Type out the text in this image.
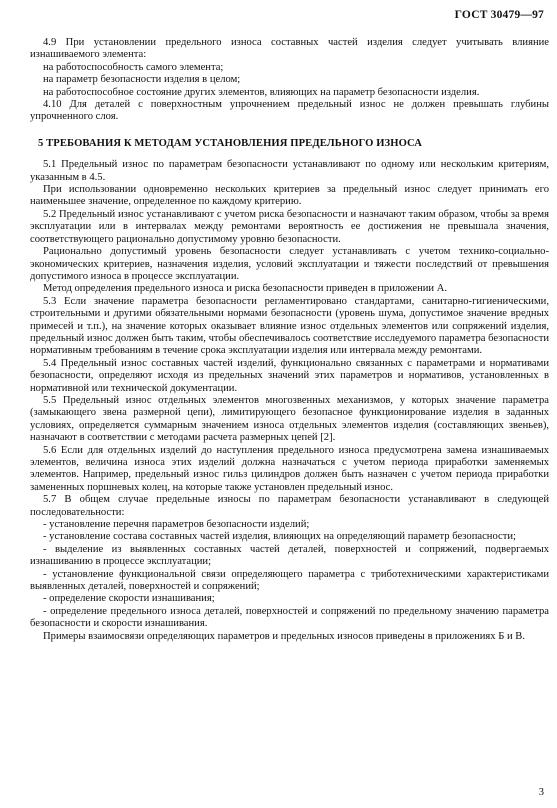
ГОСТ 30479—97

4.9 При установлении предельного износа составных частей изделия следует учитывать влияние изнашиваемого элемента:

на работоспособность самого элемента;

на параметр безопасности изделия в целом;

на работоспособное состояние других элементов, влияющих на параметр безопасности изделия.

4.10 Для деталей с поверхностным упрочнением предельный износ не должен превышать глубины упрочненного слоя.

5 ТРЕБОВАНИЯ К МЕТОДАМ УСТАНОВЛЕНИЯ ПРЕДЕЛЬНОГО ИЗНОСА

5.1 Предельный износ по параметрам безопасности устанавливают по одному или нескольким критериям, указанным в 4.5.

При использовании одновременно нескольких критериев за предельный износ следует принимать его наименьшее значение, определенное по каждому критерию.

5.2 Предельный износ устанавливают с учетом риска безопасности и назначают таким образом, чтобы за время эксплуатации или в интервалах между ремонтами вероятность ее достижения не превышала значения, соответствующего рационально допустимому уровню безопасности.

Рационально допустимый уровень безопасности следует устанавливать с учетом технико-социально-экономических критериев, назначения изделия, условий эксплуатации и тяжести последствий от превышения допустимого износа в процессе эксплуатации.

Метод определения предельного износа и риска безопасности приведен в приложении А.

5.3 Если значение параметра безопасности регламентировано стандартами, санитарно-гигиеническими, строительными и другими обязательными нормами безопасности (уровень шума, допустимое значение вредных примесей и т.п.), на значение которых оказывает влияние износ отдельных элементов или сопряжений изделия, предельный износ должен быть таким, чтобы обеспечивалось соответствие исследуемого параметра безопасности нормативным требованиям в течение срока эксплуатации изделия или интервала между ремонтами.

5.4 Предельный износ составных частей изделий, функционально связанных с параметрами и нормативами безопасности, определяют исходя из предельных значений этих параметров и нормативов, установленных в нормативной или технической документации.

5.5 Предельный износ отдельных элементов многозвенных механизмов, у которых значение параметра (замыкающего звена размерной цепи), лимитирующего безопасное функционирование изделия в заданных условиях, определяется суммарным значением износа отдельных элементов изделия (составляющих звеньев), назначают в соответствии с методами расчета размерных цепей [2].

5.6 Если для отдельных изделий до наступления предельного износа предусмотрена замена изнашиваемых элементов, величина износа этих изделий должна назначаться с учетом периода приработки заменяемых элементов. Например, предельный износ гильз цилиндров должен быть назначен с учетом периода приработки замененных поршневых колец, на которые также установлен предельный износ.

5.7 В общем случае предельные износы по параметрам безопасности устанавливают в следующей последовательности:

- установление перечня параметров безопасности изделий;

- установление состава составных частей изделия, влияющих на определяющий параметр безопасности;

- выделение из выявленных составных частей деталей, поверхностей и сопряжений, подвергаемых изнашиванию в процессе эксплуатации;

- установление функциональной связи определяющего параметра с триботехническими характеристиками выявленных деталей, поверхностей и сопряжений;

- определение скорости изнашивания;

- определение предельного износа деталей, поверхностей и сопряжений по предельному значению параметра безопасности и скорости изнашивания.

Примеры взаимосвязи определяющих параметров и предельных износов приведены в приложениях Б и В.

3
